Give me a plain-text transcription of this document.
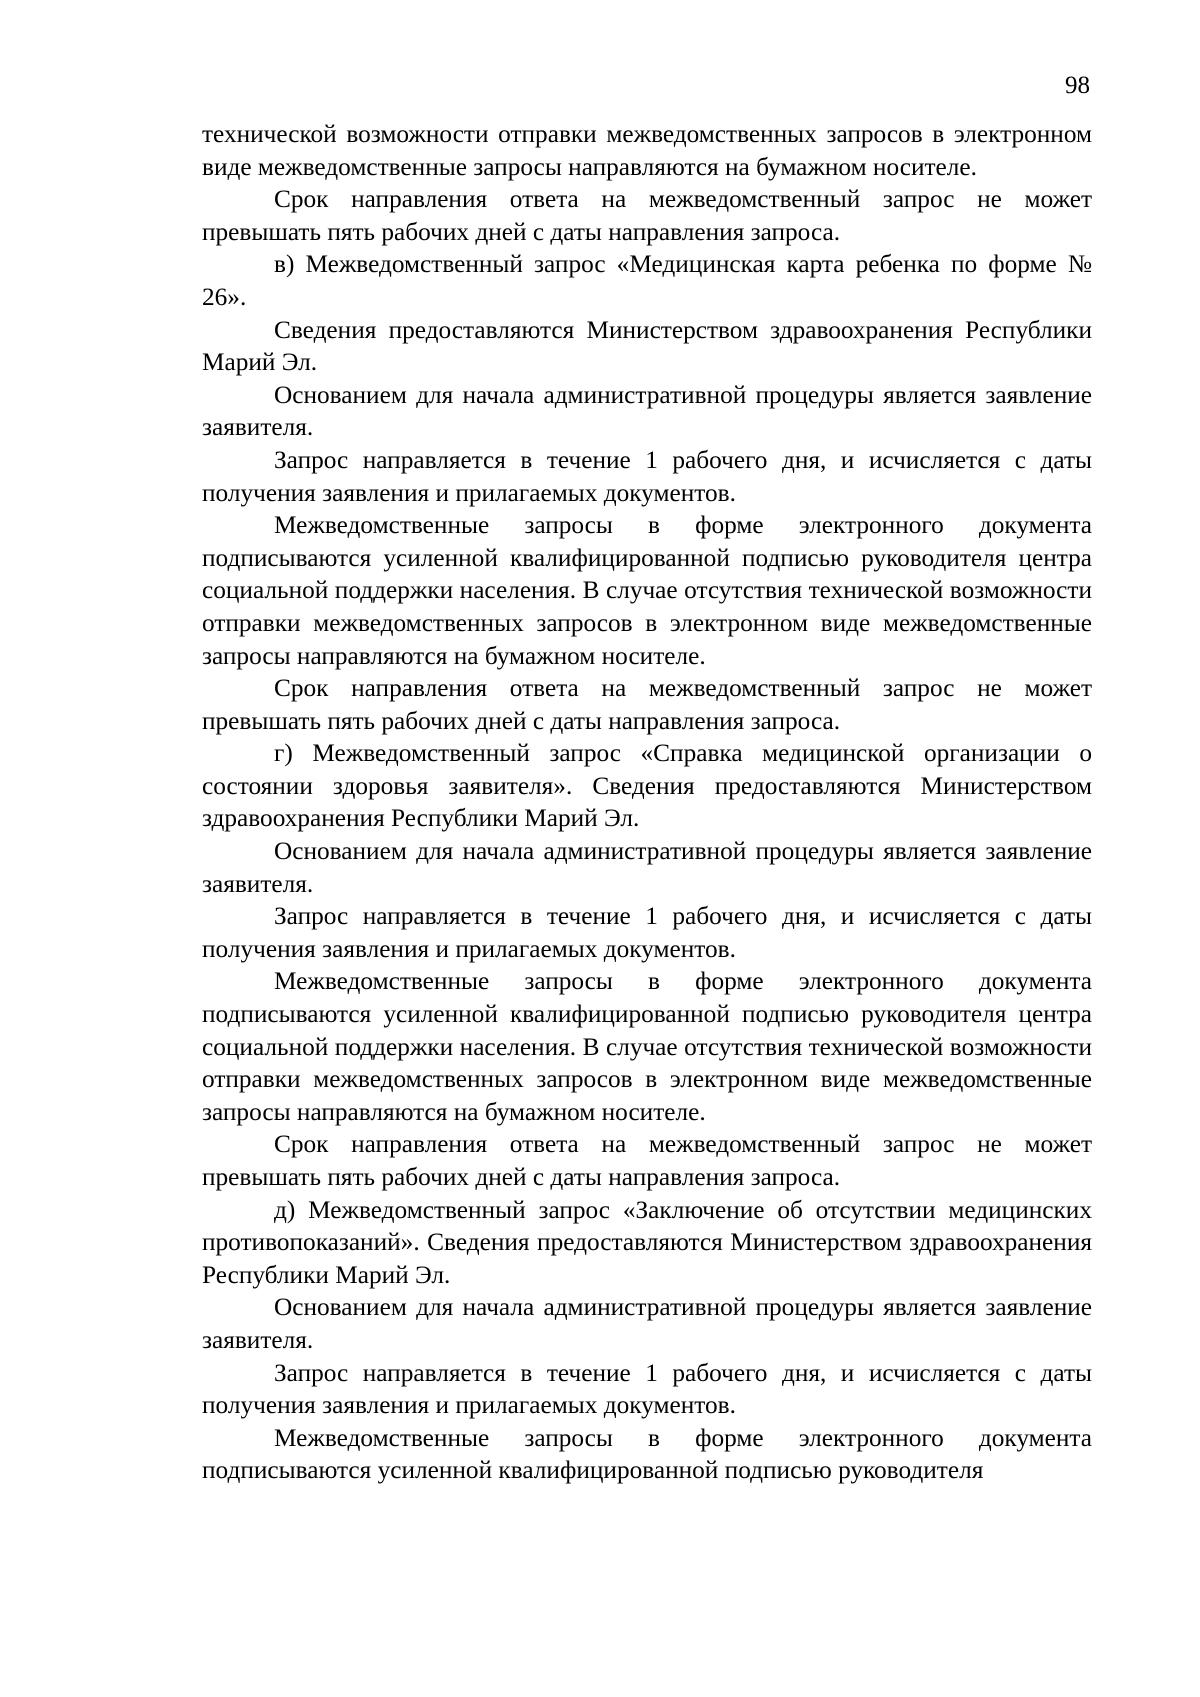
98

технической возможности отправки межведомственных запросов в электронном виде межведомственные запросы направляются на бумажном носителе.

Срок направления ответа на межведомственный запрос не может превышать пять рабочих дней с даты направления запроса.

в) Межведомственный запрос «Медицинская карта ребенка по форме № 26».

Сведения предоставляются Министерством здравоохранения Республики Марий Эл.

Основанием для начала административной процедуры является заявление заявителя.

Запрос направляется в течение 1 рабочего дня, и исчисляется с даты получения заявления и прилагаемых документов.

Межведомственные запросы в форме электронного документа подписываются усиленной квалифицированной подписью руководителя центра социальной поддержки населения. В случае отсутствия технической возможности отправки межведомственных запросов в электронном виде межведомственные запросы направляются на бумажном носителе.

Срок направления ответа на межведомственный запрос не может превышать пять рабочих дней с даты направления запроса.

г) Межведомственный запрос «Справка медицинской организации о состоянии здоровья заявителя». Сведения предоставляются Министерством здравоохранения Республики Марий Эл.

Основанием для начала административной процедуры является заявление заявителя.

Запрос направляется в течение 1 рабочего дня, и исчисляется с даты получения заявления и прилагаемых документов.

Межведомственные запросы в форме электронного документа подписываются усиленной квалифицированной подписью руководителя центра социальной поддержки населения. В случае отсутствия технической возможности отправки межведомственных запросов в электронном виде межведомственные запросы направляются на бумажном носителе.

Срок направления ответа на межведомственный запрос не может превышать пять рабочих дней с даты направления запроса.

д) Межведомственный запрос «Заключение об отсутствии медицинских противопоказаний». Сведения предоставляются Министерством здравоохранения Республики Марий Эл.

Основанием для начала административной процедуры является заявление заявителя.

Запрос направляется в течение 1 рабочего дня, и исчисляется с даты получения заявления и прилагаемых документов.

Межведомственные запросы в форме электронного документа подписываются усиленной квалифицированной подписью руководителя
